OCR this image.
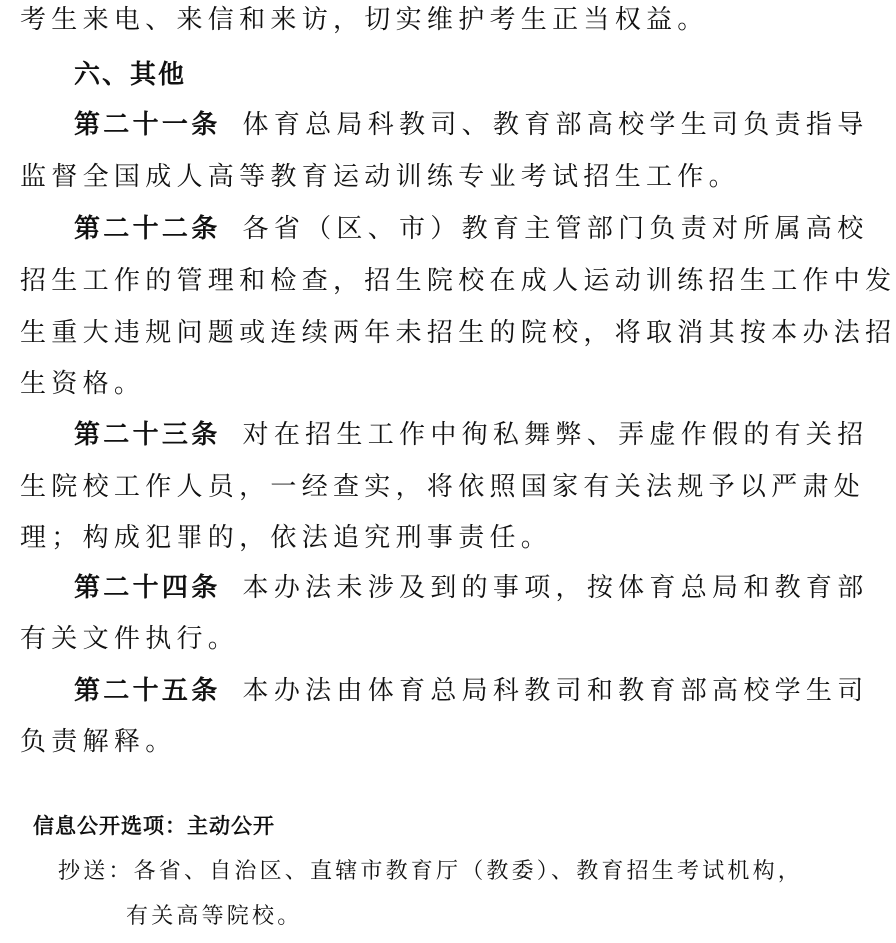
考生来电、来信和来访，切实维护考生正当权益。
六、其他
第二十一条 体育总局科教司、教育部高校学生司负责指导
监督全国成人高等教育运动训练专业考试招生工作。
第二十二条 各省（区、市）教育主管部门负责对所属高校
招生工作的管理和检查，招生院校在成人运动训练招生工作中发
生重大违规问题或连续两年未招生的院校，将取消其按本办法招
生资格。
第二十三条 对在招生工作中徇私舞弊、弄虚作假的有关招
生院校工作人员，一经查实，将依照国家有关法规予以严肃处
理；构成犯罪的，依法追究刑事责任。
第二十四条 本办法未涉及到的事项，按体育总局和教育部
有关文件执行。
第二十五条 本办法由体育总局科教司和教育部高校学生司
负责解释。
信息公开选项：主动公开
抄送：各省、自治区、直辖市教育厅（教委）、教育招生考试机构，
有关高等院校。
